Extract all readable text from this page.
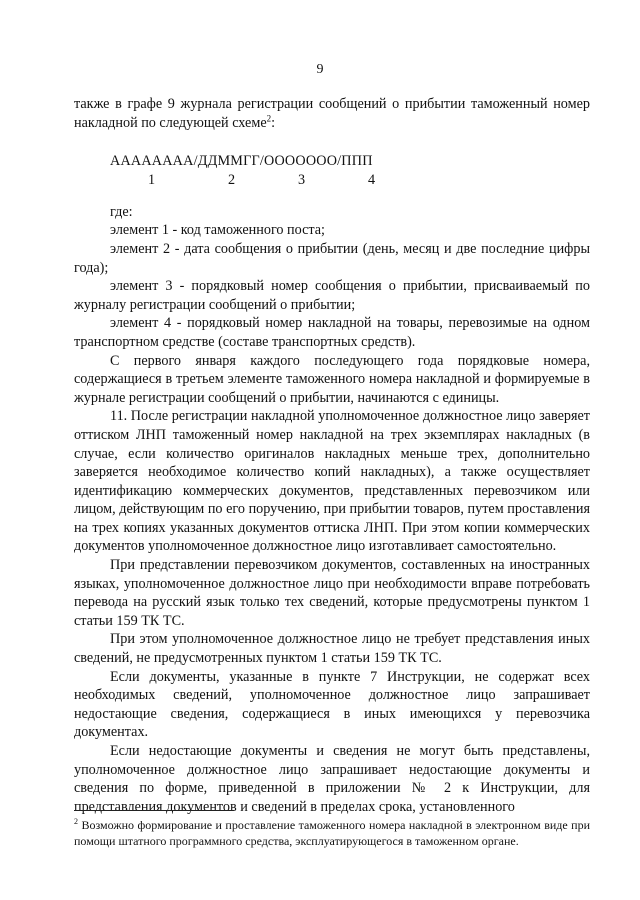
9

также в графе 9 журнала регистрации сообщений о прибытии таможенный номер накладной по следующей схеме$^2$:

АААААААА/ДДММГГ/ООООООО/ППП
1	2	3	4

где:

элемент 1 - код таможенного поста;

элемент 2 - дата сообщения о прибытии (день, месяц и две последние цифры года);

элемент 3 - порядковый номер сообщения о прибытии, присваиваемый по журналу регистрации сообщений о прибытии;

элемент 4 - порядковый номер накладной на товары, перевозимые на одном транспортном средстве (составе транспортных средств).

С первого января каждого последующего года порядковые номера, содержащиеся в третьем элементе таможенного номера накладной и формируемые в журнале регистрации сообщений о прибытии, начинаются с единицы.

11. После регистрации накладной уполномоченное должностное лицо заверяет оттиском ЛНП таможенный номер накладной на трех экземплярах накладных (в случае, если количество оригиналов накладных меньше трех, дополнительно заверяется необходимое количество копий накладных), а также осуществляет идентификацию коммерческих документов, представленных перевозчиком или лицом, действующим по его поручению, при прибытии товаров, путем проставления на трех копиях указанных документов оттиска ЛНП. При этом копии коммерческих документов уполномоченное должностное лицо изготавливает самостоятельно.

При представлении перевозчиком документов, составленных на иностранных языках, уполномоченное должностное лицо при необходимости вправе потребовать перевода на русский язык только тех сведений, которые предусмотрены пунктом 1 статьи 159 ТК ТС.

При этом уполномоченное должностное лицо не требует представления иных сведений, не предусмотренных пунктом 1 статьи 159 ТК ТС.

Если документы, указанные в пункте 7 Инструкции, не содержат всех необходимых сведений, уполномоченное должностное лицо запрашивает недостающие сведения, содержащиеся в иных имеющихся у перевозчика документах.

Если недостающие документы и сведения не могут быть представлены, уполномоченное должностное лицо запрашивает недостающие документы и сведения по форме, приведенной в приложении № 2 к Инструкции, для представления документов и сведений в пределах срока, установленного

$^2$ Возможно формирование и проставление таможенного номера накладной в электронном виде при помощи штатного программного средства, эксплуатирующегося в таможенном органе.
